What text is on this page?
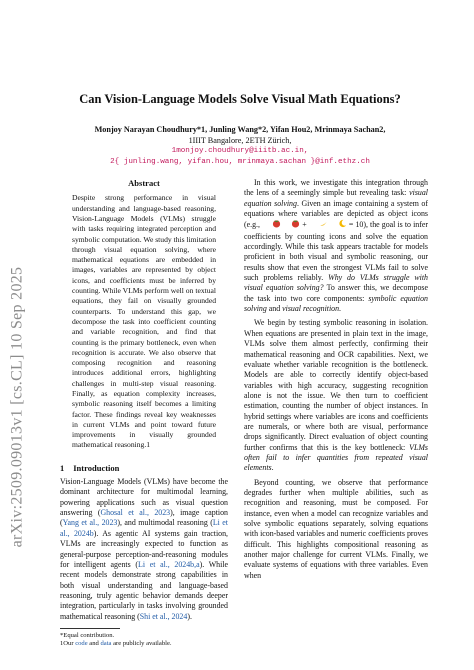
arXiv:2509.09013v1 [cs.CL] 10 Sep 2025
Can Vision-Language Models Solve Visual Math Equations?
Monjoy Narayan Choudhury*1, Junling Wang*2, Yifan Hou2, Mrinmaya Sachan2,
1IIIT Bangalore, 2ETH Zürich,
1monjoy.choudhury@iiitb.ac.in,
2{ junling.wang, yifan.hou, mrinmaya.sachan }@inf.ethz.ch

Abstract

Despite strong performance in visual understanding and language-based reasoning, Vision-Language Models (VLMs) struggle with tasks requiring integrated perception and symbolic computation. We study this limitation through visual equation solving, where mathematical equations are embedded in images, variables are represented by object icons, and coefficients must be inferred by counting. While VLMs perform well on textual equations, they fail on visually grounded counterparts. To understand this gap, we decompose the task into coefficient counting and variable recognition, and find that counting is the primary bottleneck, even when recognition is accurate. We also observe that composing recognition and reasoning introduces additional errors, highlighting challenges in multi-step visual reasoning. Finally, as equation complexity increases, symbolic reasoning itself becomes a limiting factor. These findings reveal key weaknesses in current VLMs and point toward future improvements in visually grounded mathematical reasoning.1

1 Introduction

Vision-Language Models (VLMs) have become the dominant architecture for multimodal learning, powering applications such as visual question answering (Ghosal et al., 2023), image caption (Yang et al., 2023), and multimodal reasoning (Li et al., 2024b). As agentic AI systems gain traction, VLMs are increasingly expected to function as general-purpose perception-and-reasoning modules for intelligent agents (Li et al., 2024b,a). While recent models demonstrate strong capabilities in both visual understanding and language-based reasoning, truly agentic behavior demands deeper integration, particularly in tasks involving grounded mathematical reasoning (Shi et al., 2024).

*Equal contribution.

1Our code and data are publicly available.

In this work, we investigate this integration through the lens of a seemingly simple but revealing task: visual equation solving. Given an image containing a system of equations where variables are depicted as object icons (e.g.,	+	= 10), the goal is to infer coefficients by counting icons and solve the equation accordingly. While this task appears tractable for models proficient in both visual and symbolic reasoning, our results show that even the strongest VLMs fail to solve such problems reliably. Why do VLMs struggle with visual equation solving? To answer this, we decompose the task into two core components: symbolic equation solving and visual recognition.

We begin by testing symbolic reasoning in isolation. When equations are presented in plain text in the image, VLMs solve them almost perfectly, confirming their mathematical reasoning and OCR capabilities. Next, we evaluate whether variable recognition is the bottleneck. Models are able to correctly identify object-based variables with high accuracy, suggesting recognition alone is not the issue. We then turn to coefficient estimation, counting the number of object instances. In hybrid settings where variables are icons and coefficients are numerals, or where both are visual, performance drops significantly. Direct evaluation of object counting further confirms that this is the key bottleneck: VLMs often fail to infer quantities from repeated visual elements.

Beyond counting, we observe that performance degrades further when multiple abilities, such as recognition and reasoning, must be composed. For instance, even when a model can recognize variables and solve symbolic equations separately, solving equations with icon-based variables and numeric coefficients proves difficult. This highlights compositional reasoning as another major challenge for current VLMs. Finally, we evaluate systems of equations with three variables. Even when
